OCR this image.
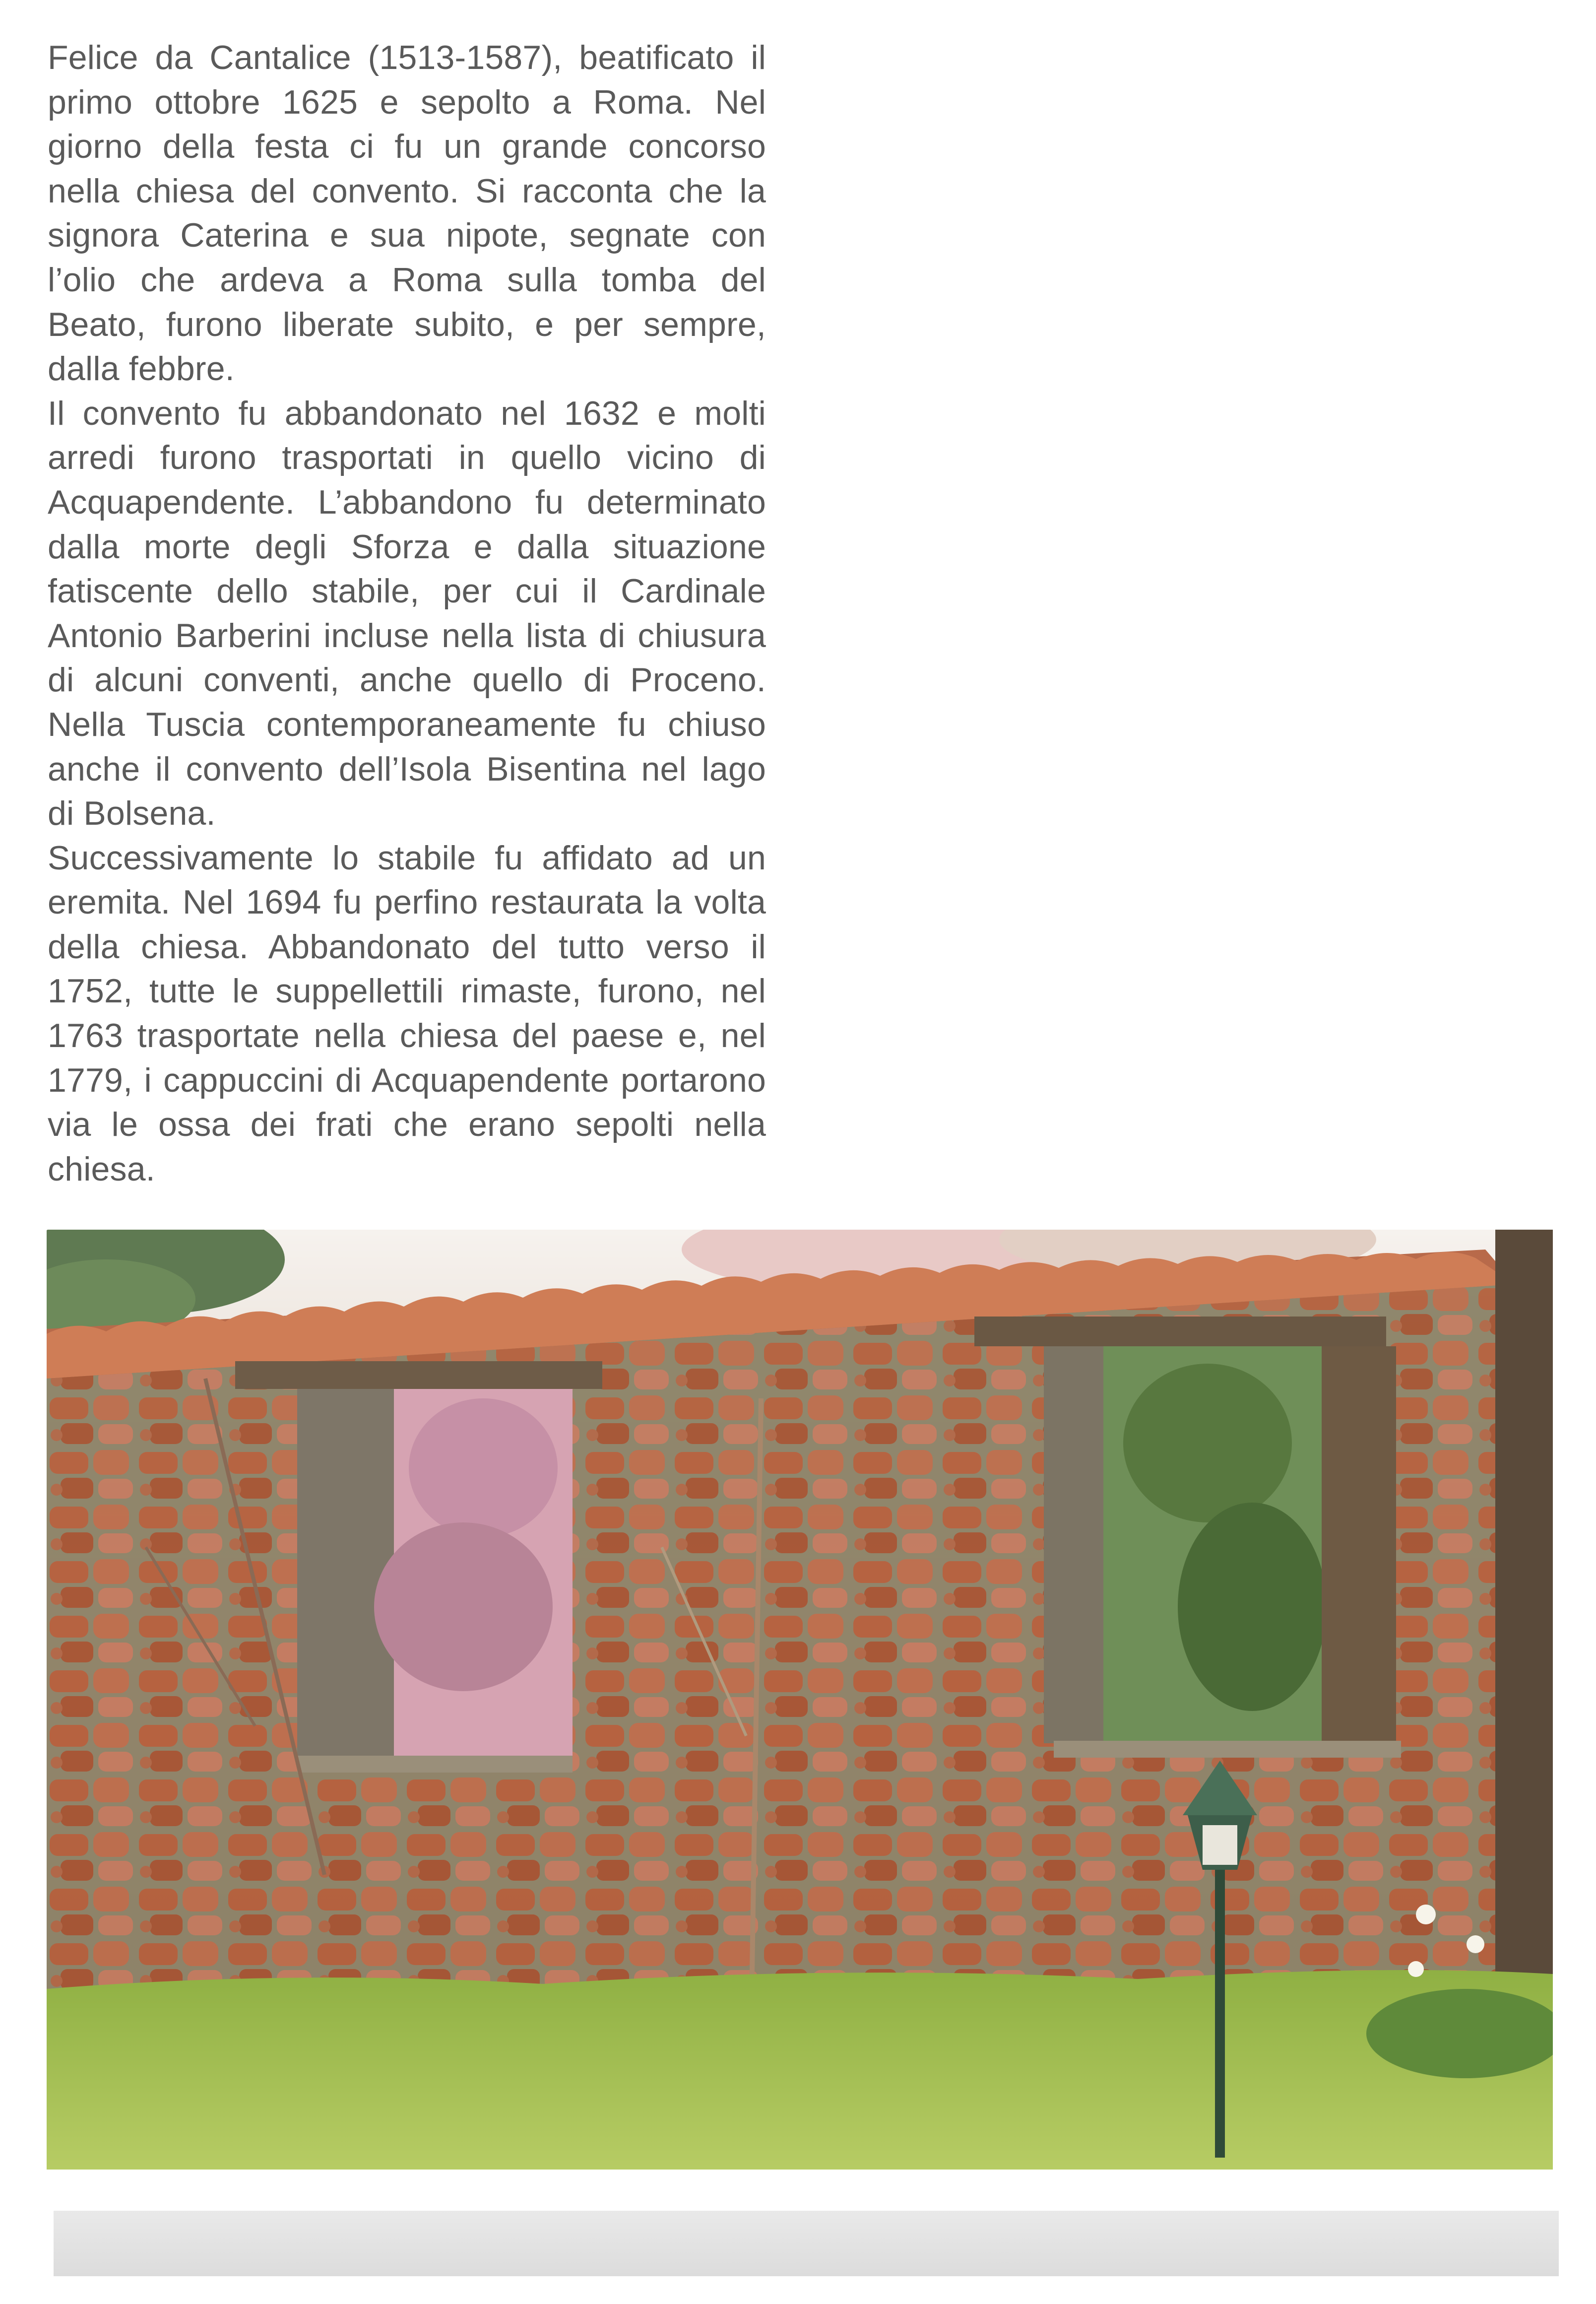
Felice da Cantalice (1513-1587), beatificato il primo ottobre 1625 e sepolto a Roma. Nel giorno della festa ci fu un grande concorso nella chiesa del convento. Si racconta che la signora Caterina e sua nipote, segnate con l’olio che ardeva a Roma sulla tomba del Beato, furono liberate subito, e per sempre, dalla febbre.

Il convento fu abbandonato nel 1632 e molti arredi furono trasportati in quello vicino di Acquapendente. L’abbandono fu determinato dalla morte degli Sforza e dalla situazione fatiscente dello stabile, per cui il Cardinale Antonio Barberini incluse nella lista di chiusura di alcuni conventi, anche quello di Proceno. Nella Tuscia contemporaneamente fu chiuso anche il convento dell’Isola Bisentina nel lago di Bolsena.

Successivamente lo stabile fu affidato ad un eremita. Nel 1694 fu perfino restaurata la volta della chiesa. Abbandonato del tutto verso il 1752, tutte le suppellettili rimaste, furono, nel 1763 trasportate nella chiesa del paese e, nel 1779, i cappuccini di Acquapendente portarono via le ossa dei frati che erano sepolti nella chiesa.
